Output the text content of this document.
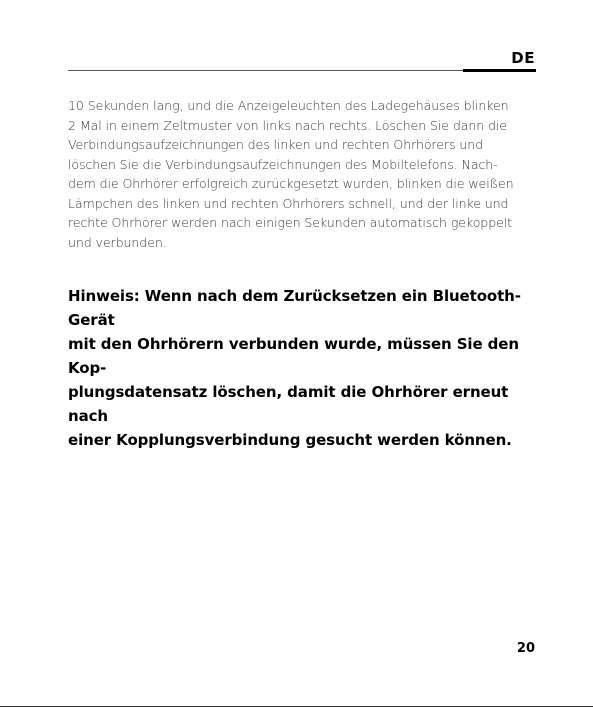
DE

10 Sekunden lang, und die Anzeigeleuchten des Ladegehäuses blinken
2 Mal in einem Zeltmuster von links nach rechts. Löschen Sie dann die
Verbindungsaufzeichnungen des linken und rechten Ohrhörers und
löschen Sie die Verbindungsaufzeichnungen des Mobiltelefons. Nach-
dem die Ohrhörer erfolgreich zurückgesetzt wurden, blinken die weißen
Lämpchen des linken und rechten Ohrhörers schnell, und der linke und
rechte Ohrhörer werden nach einigen Sekunden automatisch gekoppelt
und verbunden.

Hinweis: Wenn nach dem Zurücksetzen ein Bluetooth-Gerät
mit den Ohrhörern verbunden wurde, müssen Sie den Kop-
plungsdatensatz löschen, damit die Ohrhörer erneut nach
einer Kopplungsverbindung gesucht werden können.

20
